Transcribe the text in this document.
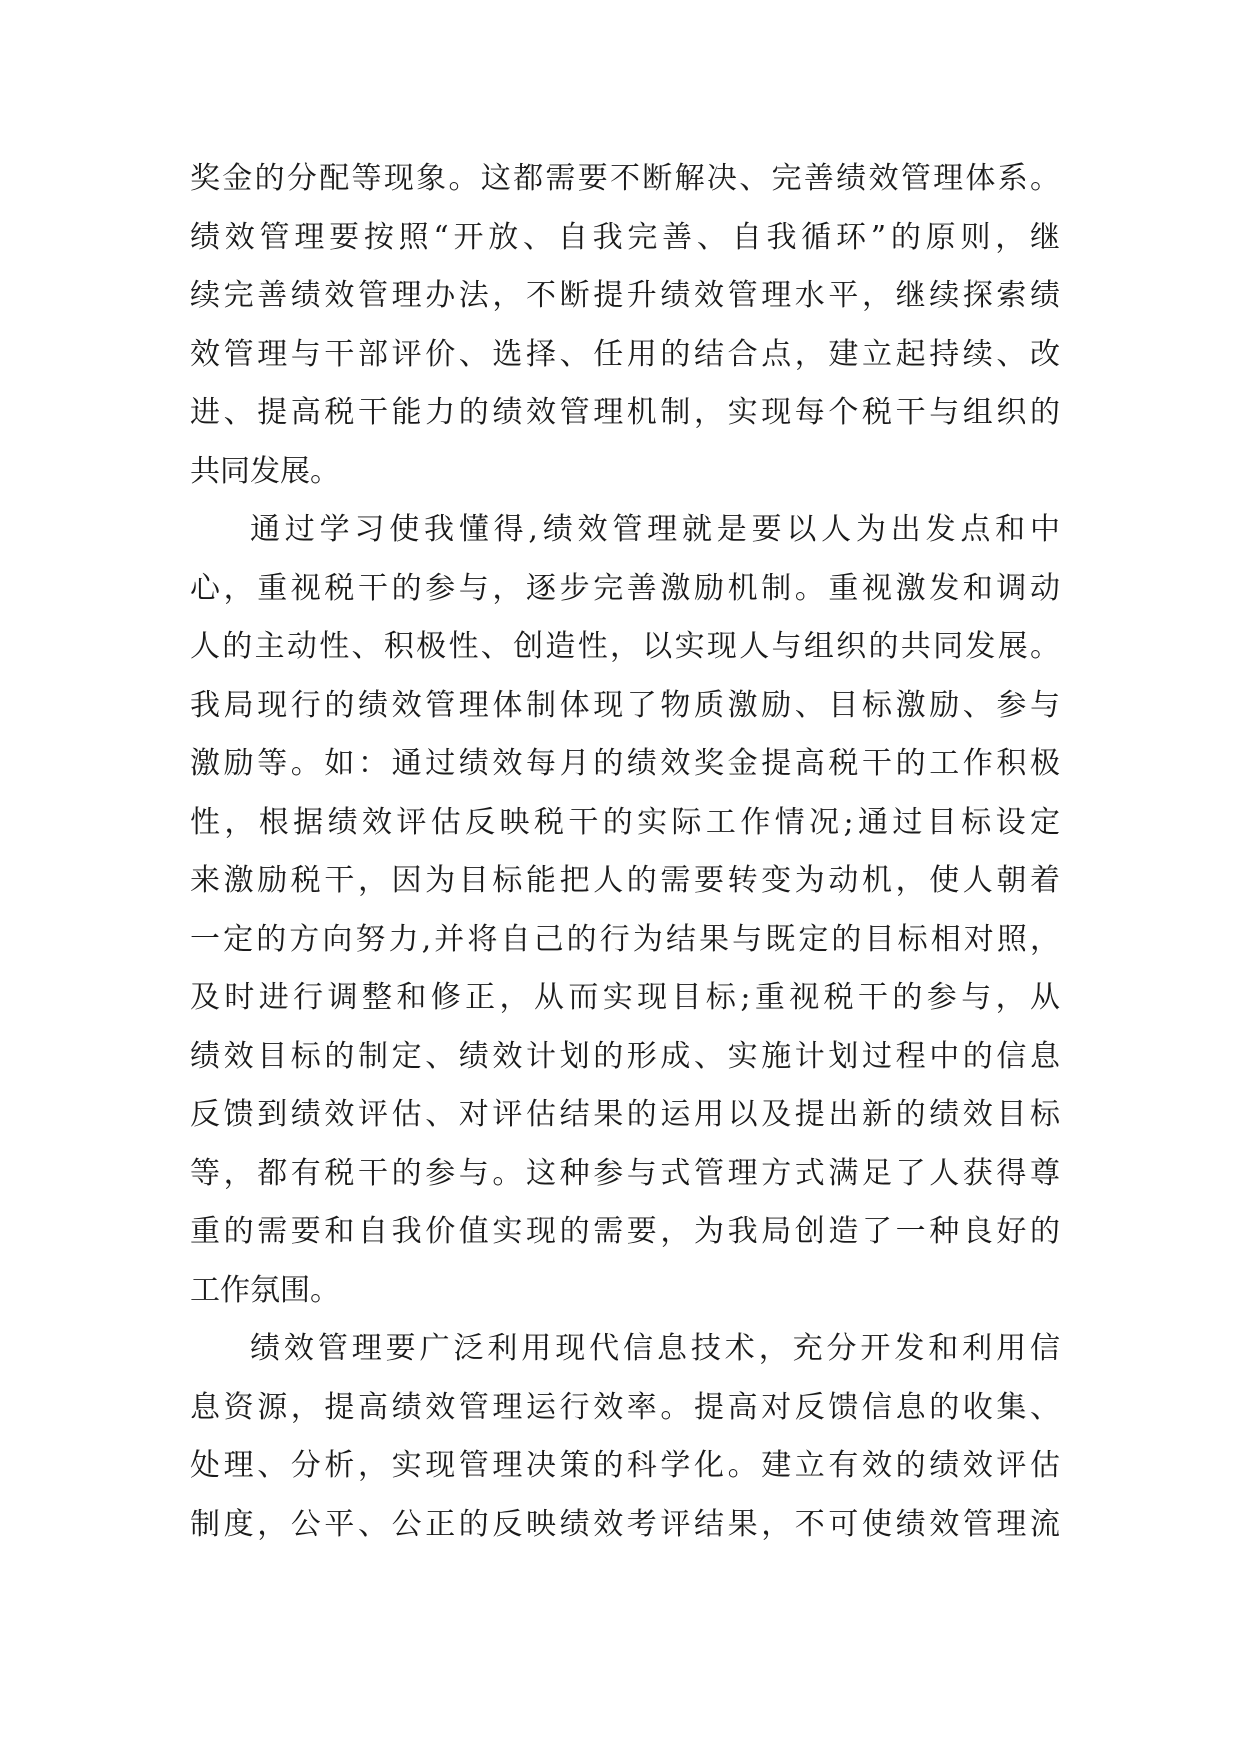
奖金的分配等现象。这都需要不断解决、完善绩效管理体系。
绩效管理要按照“开放、自我完善、自我循环”的原则，继
续完善绩效管理办法，不断提升绩效管理水平，继续探索绩
效管理与干部评价、选择、任用的结合点，建立起持续、改
进、提高税干能力的绩效管理机制，实现每个税干与组织的
共同发展。
通过学习使我懂得,绩效管理就是要以人为出发点和中
心，重视税干的参与，逐步完善激励机制。重视激发和调动
人的主动性、积极性、创造性，以实现人与组织的共同发展。
我局现行的绩效管理体制体现了物质激励、目标激励、参与
激励等。如：通过绩效每月的绩效奖金提高税干的工作积极
性，根据绩效评估反映税干的实际工作情况;通过目标设定
来激励税干，因为目标能把人的需要转变为动机，使人朝着
一定的方向努力,并将自己的行为结果与既定的目标相对照，
及时进行调整和修正，从而实现目标;重视税干的参与，从
绩效目标的制定、绩效计划的形成、实施计划过程中的信息
反馈到绩效评估、对评估结果的运用以及提出新的绩效目标
等，都有税干的参与。这种参与式管理方式满足了人获得尊
重的需要和自我价值实现的需要，为我局创造了一种良好的
工作氛围。
绩效管理要广泛利用现代信息技术，充分开发和利用信
息资源，提高绩效管理运行效率。提高对反馈信息的收集、
处理、分析，实现管理决策的科学化。建立有效的绩效评估
制度，公平、公正的反映绩效考评结果，不可使绩效管理流
